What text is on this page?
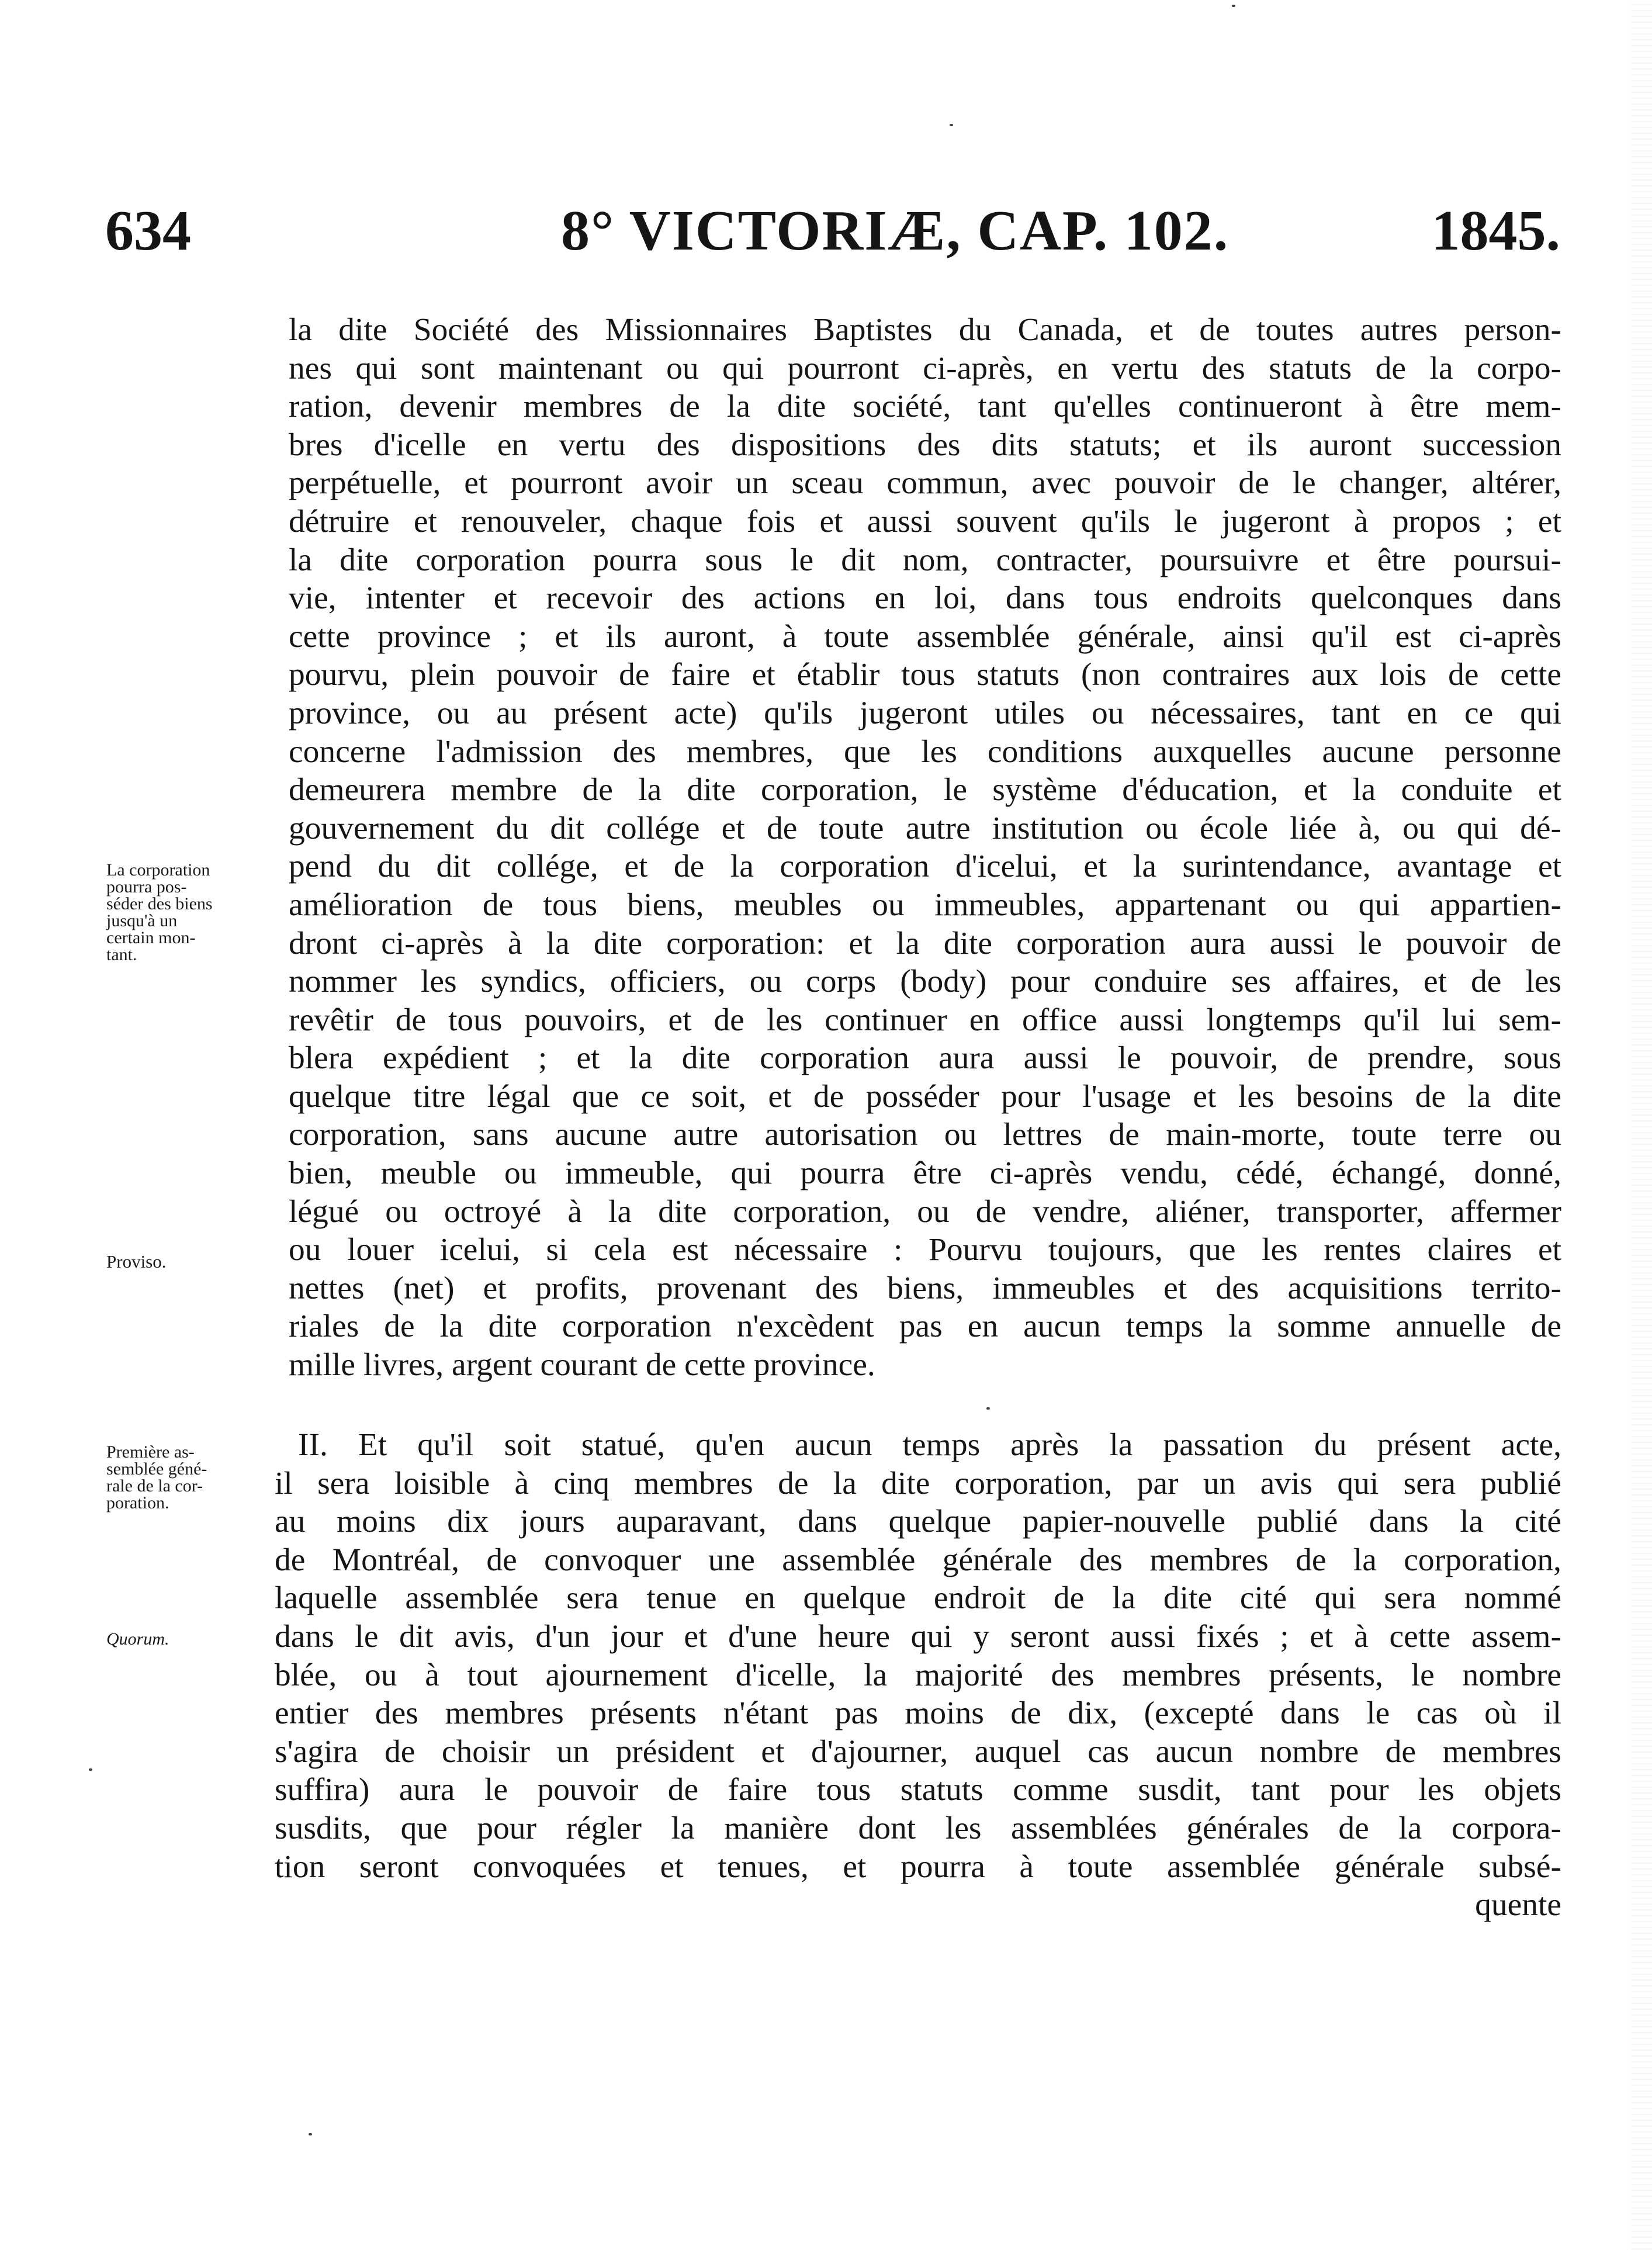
634	8° VICTORIÆ, CAP. 102.	1845.
la dite Société des Missionnaires Baptistes du Canada, et de toutes autres person-
nes qui sont maintenant ou qui pourront ci-après, en vertu des statuts de la corpo-
ration, devenir membres de la dite société, tant qu'elles continueront à être mem-
bres d'icelle en vertu des dispositions des dits statuts; et ils auront succession
perpétuelle, et pourront avoir un sceau commun, avec pouvoir de le changer, altérer,
détruire et renouveler, chaque fois et aussi souvent qu'ils le jugeront à propos ; et
la dite corporation pourra sous le dit nom, contracter, poursuivre et être poursui-
vie, intenter et recevoir des actions en loi, dans tous endroits quelconques dans
cette province ; et ils auront, à toute assemblée générale, ainsi qu'il est ci-après
pourvu, plein pouvoir de faire et établir tous statuts (non contraires aux lois de cette
province, ou au présent acte) qu'ils jugeront utiles ou nécessaires, tant en ce qui
concerne l'admission des membres, que les conditions auxquelles aucune personne
demeurera membre de la dite corporation, le système d'éducation, et la conduite et
gouvernement du dit collége et de toute autre institution ou école liée à, ou qui dé-
pend du dit collége, et de la corporation d'icelui, et la surintendance, avantage et
amélioration de tous biens, meubles ou immeubles, appartenant ou qui appartien-
dront ci-après à la dite corporation: et la dite corporation aura aussi le pouvoir de
nommer les syndics, officiers, ou corps (body) pour conduire ses affaires, et de les
revêtir de tous pouvoirs, et de les continuer en office aussi longtemps qu'il lui sem-
blera expédient ; et la dite corporation aura aussi le pouvoir, de prendre, sous
quelque titre légal que ce soit, et de posséder pour l'usage et les besoins de la dite
corporation, sans aucune autre autorisation ou lettres de main-morte, toute terre ou
bien, meuble ou immeuble, qui pourra être ci-après vendu, cédé, échangé, donné,
légué ou octroyé à la dite corporation, ou de vendre, aliéner, transporter, affermer
ou louer icelui, si cela est nécessaire : Pourvu toujours, que les rentes claires et
nettes (net) et profits, provenant des biens, immeubles et des acquisitions territo-
riales de la dite corporation n'excèdent pas en aucun temps la somme annuelle de
mille livres, argent courant de cette province.
II. Et qu'il soit statué, qu'en aucun temps après la passation du présent acte,
il sera loisible à cinq membres de la dite corporation, par un avis qui sera publié
au moins dix jours auparavant, dans quelque papier-nouvelle publié dans la cité
de Montréal, de convoquer une assemblée générale des membres de la corporation,
laquelle assemblée sera tenue en quelque endroit de la dite cité qui sera nommé
dans le dit avis, d'un jour et d'une heure qui y seront aussi fixés ; et à cette assem-
blée, ou à tout ajournement d'icelle, la majorité des membres présents, le nombre
entier des membres présents n'étant pas moins de dix, (excepté dans le cas où il
s'agira de choisir un président et d'ajourner, auquel cas aucun nombre de membres
suffira) aura le pouvoir de faire tous statuts comme susdit, tant pour les objets
susdits, que pour régler la manière dont les assemblées générales de la corpora-
tion seront convoquées et tenues, et pourra à toute assemblée générale subsé-
quente
La corporation
pourra pos-
séder des biens
jusqu'à un
certain mon-
tant.
Proviso.
Première as-
semblée géné-
rale de la cor-
poration.
Quorum.
